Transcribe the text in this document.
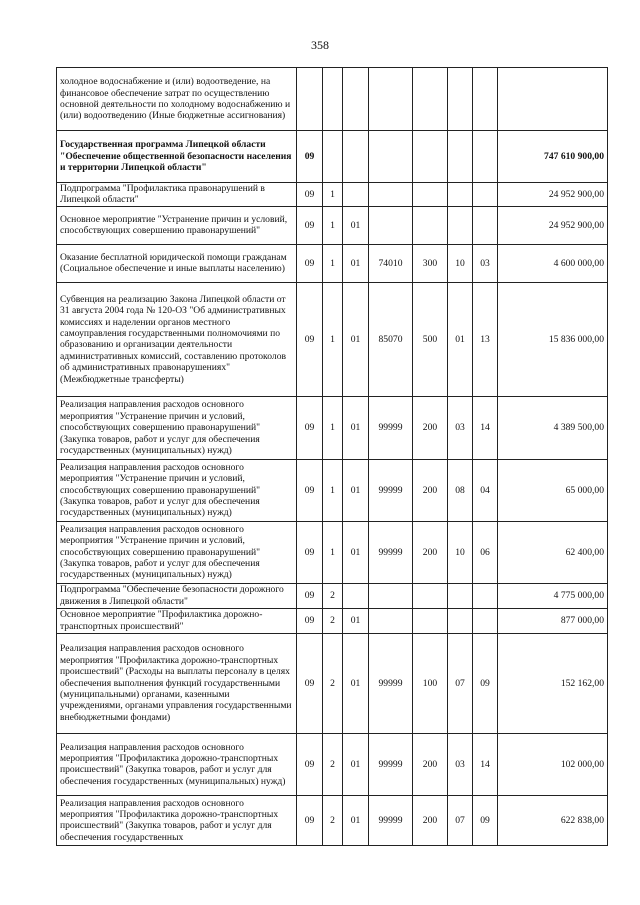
358
холодное водоснабжение и (или) водоотведение, на финансовое обеспечение затрат по осуществлению основной деятельности по холодному водоснабжению и (или) водоотведению (Иные бюджетные ассигнования)								
Государственная программа Липецкой области "Обеспечение общественной безопасности населения и территории Липецкой области"	09							747 610 900,00
Подпрограмма "Профилактика правонарушений в Липецкой области"	09	1						24 952 900,00
Основное мероприятие "Устранение причин и условий, способствующих совершению правонарушений"	09	1	01					24 952 900,00
Оказание бесплатной юридической помощи гражданам (Социальное обеспечение и иные выплаты населению)	09	1	01	74010	300	10	03	4 600 000,00
Субвенция на реализацию Закона Липецкой области от 31 августа 2004 года № 120-ОЗ "Об административных комиссиях и наделении органов местного самоуправления государственными полномочиями по образованию и организации деятельности административных комиссий, составлению протоколов об административных правонарушениях" (Межбюджетные трансферты)	09	1	01	85070	500	01	13	15 836 000,00
Реализация направления расходов основного мероприятия "Устранение причин и условий, способствующих совершению правонарушений" (Закупка товаров, работ и услуг для обеспечения государственных (муниципальных) нужд)	09	1	01	99999	200	03	14	4 389 500,00
Реализация направления расходов основного мероприятия "Устранение причин и условий, способствующих совершению правонарушений" (Закупка товаров, работ и услуг для обеспечения государственных (муниципальных) нужд)	09	1	01	99999	200	08	04	65 000,00
Реализация направления расходов основного мероприятия "Устранение причин и условий, способствующих совершению правонарушений" (Закупка товаров, работ и услуг для обеспечения государственных (муниципальных) нужд)	09	1	01	99999	200	10	06	62 400,00
Подпрограмма "Обеспечение безопасности дорожного движения в Липецкой области"	09	2						4 775 000,00
Основное мероприятие "Профилактика дорожно-транспортных происшествий"	09	2	01					877 000,00
Реализация направления расходов основного мероприятия "Профилактика дорожно-транспортных происшествий" (Расходы на выплаты персоналу в целях обеспечения выполнения функций государственными (муниципальными) органами, казенными учреждениями, органами управления государственными внебюджетными фондами)	09	2	01	99999	100	07	09	152 162,00
Реализация направления расходов основного мероприятия "Профилактика дорожно-транспортных происшествий" (Закупка товаров, работ и услуг для обеспечения государственных (муниципальных) нужд)	09	2	01	99999	200	03	14	102 000,00
Реализация направления расходов основного мероприятия "Профилактика дорожно-транспортных происшествий" (Закупка товаров, работ и услуг для обеспечения государственных	09	2	01	99999	200	07	09	622 838,00
